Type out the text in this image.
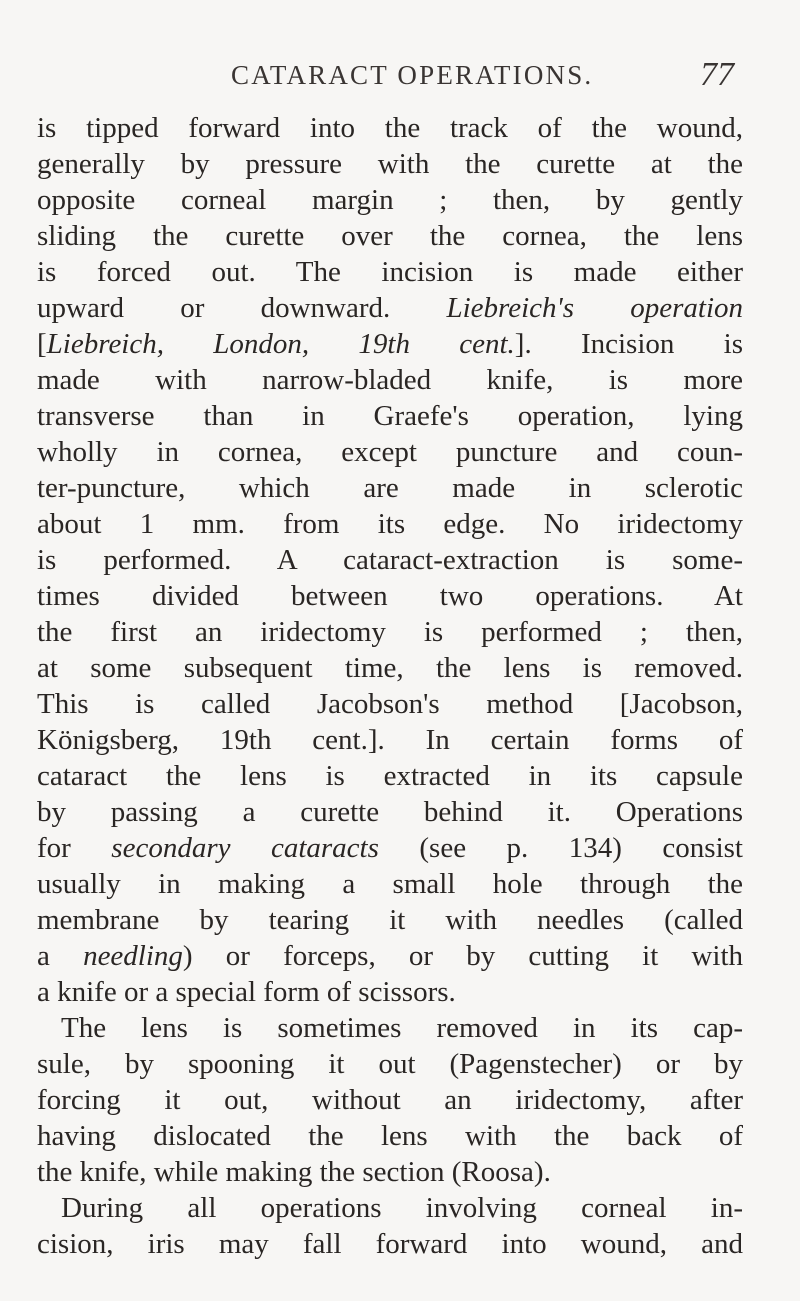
CATARACT OPERATIONS.	77
is tipped forward into the track of the wound,
generally by pressure with the curette at the
opposite corneal margin ; then, by gently
sliding the curette over the cornea, the lens
is forced out. The incision is made either
upward or downward. Liebreich's operation
[Liebreich, London, 19th cent.]. Incision is
made with narrow-bladed knife, is more
transverse than in Graefe's operation, lying
wholly in cornea, except puncture and coun-
ter-puncture, which are made in sclerotic
about 1 mm. from its edge. No iridectomy
is performed. A cataract-extraction is some-
times divided between two operations. At
the first an iridectomy is performed ; then,
at some subsequent time, the lens is removed.
This is called Jacobson's method [Jacobson,
Königsberg, 19th cent.]. In certain forms of
cataract the lens is extracted in its capsule
by passing a curette behind it. Operations
for secondary cataracts (see p. 134) consist
usually in making a small hole through the
membrane by tearing it with needles (called
a needling) or forceps, or by cutting it with
a knife or a special form of scissors.
The lens is sometimes removed in its cap-
sule, by spooning it out (Pagenstecher) or by
forcing it out, without an iridectomy, after
having dislocated the lens with the back of
the knife, while making the section (Roosa).
During all operations involving corneal in-
cision, iris may fall forward into wound, and
